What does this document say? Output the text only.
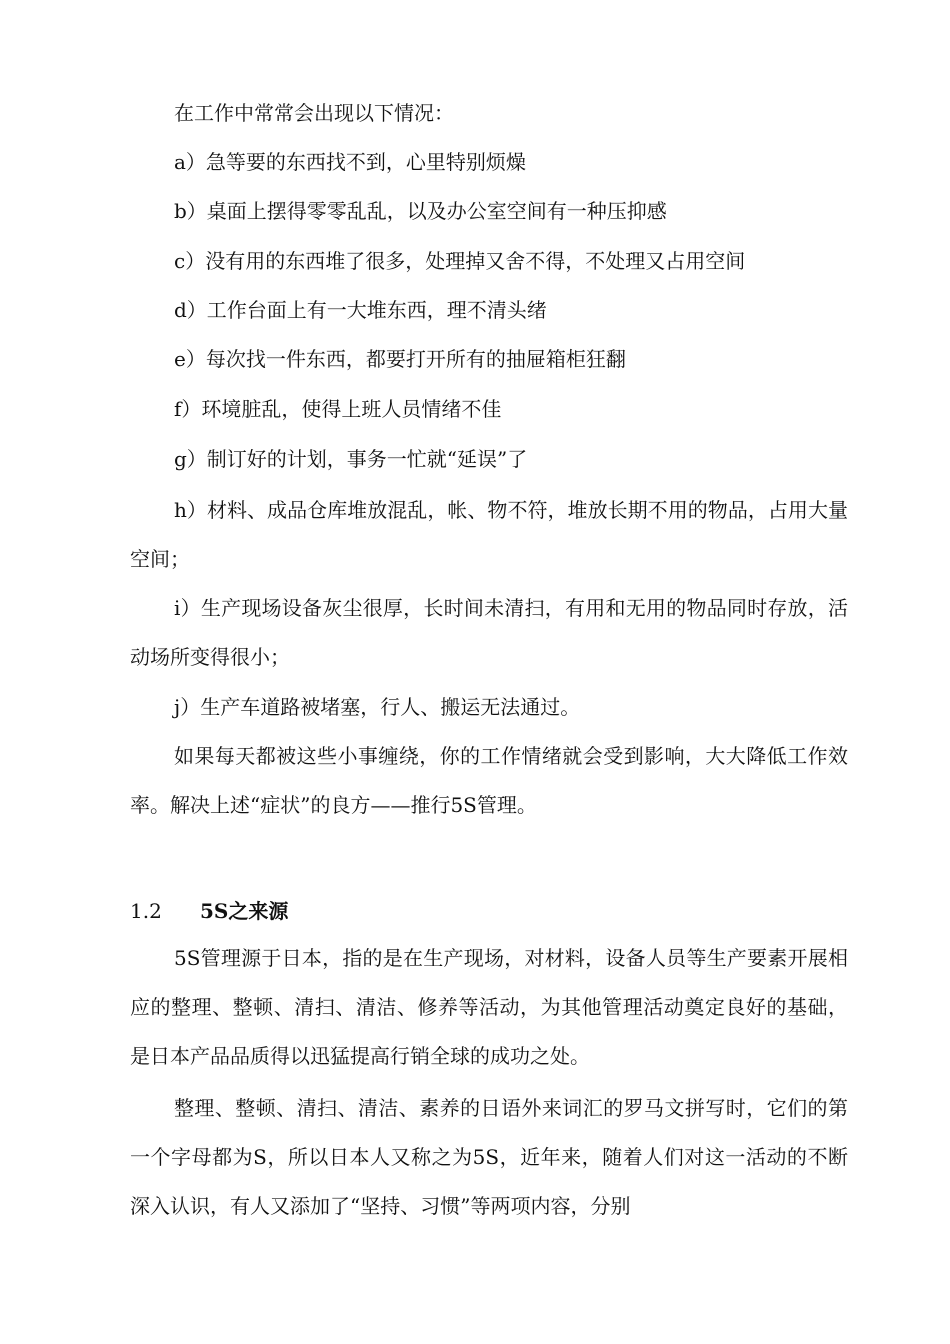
在工作中常常会出现以下情况：

a）急等要的东西找不到，心里特别烦燥

b）桌面上摆得零零乱乱，以及办公室空间有一种压抑感

c）没有用的东西堆了很多，处理掉又舍不得，不处理又占用空间

d）工作台面上有一大堆东西，理不清头绪

e）每次找一件东西，都要打开所有的抽屉箱柜狂翻

f）环境脏乱，使得上班人员情绪不佳

g）制订好的计划，事务一忙就“延误”了

h）材料、成品仓库堆放混乱，帐、物不符，堆放长期不用的物品，占用大量空间；

i）生产现场设备灰尘很厚，长时间未清扫，有用和无用的物品同时存放，活动场所变得很小；

j）生产车道路被堵塞，行人、搬运无法通过。

如果每天都被这些小事缠绕，你的工作情绪就会受到影响，大大降低工作效率。解决上述“症状”的良方——推行5S管理。

1.2 5S之来源

5S管理源于日本，指的是在生产现场，对材料，设备人员等生产要素开展相应的整理、整顿、清扫、清洁、修养等活动，为其他管理活动奠定良好的基础，是日本产品品质得以迅猛提高行销全球的成功之处。

整理、整顿、清扫、清洁、素养的日语外来词汇的罗马文拼写时，它们的第一个字母都为S，所以日本人又称之为5S，近年来，随着人们对这一活动的不断深入认识，有人又添加了“坚持、习惯”等两项内容，分别
